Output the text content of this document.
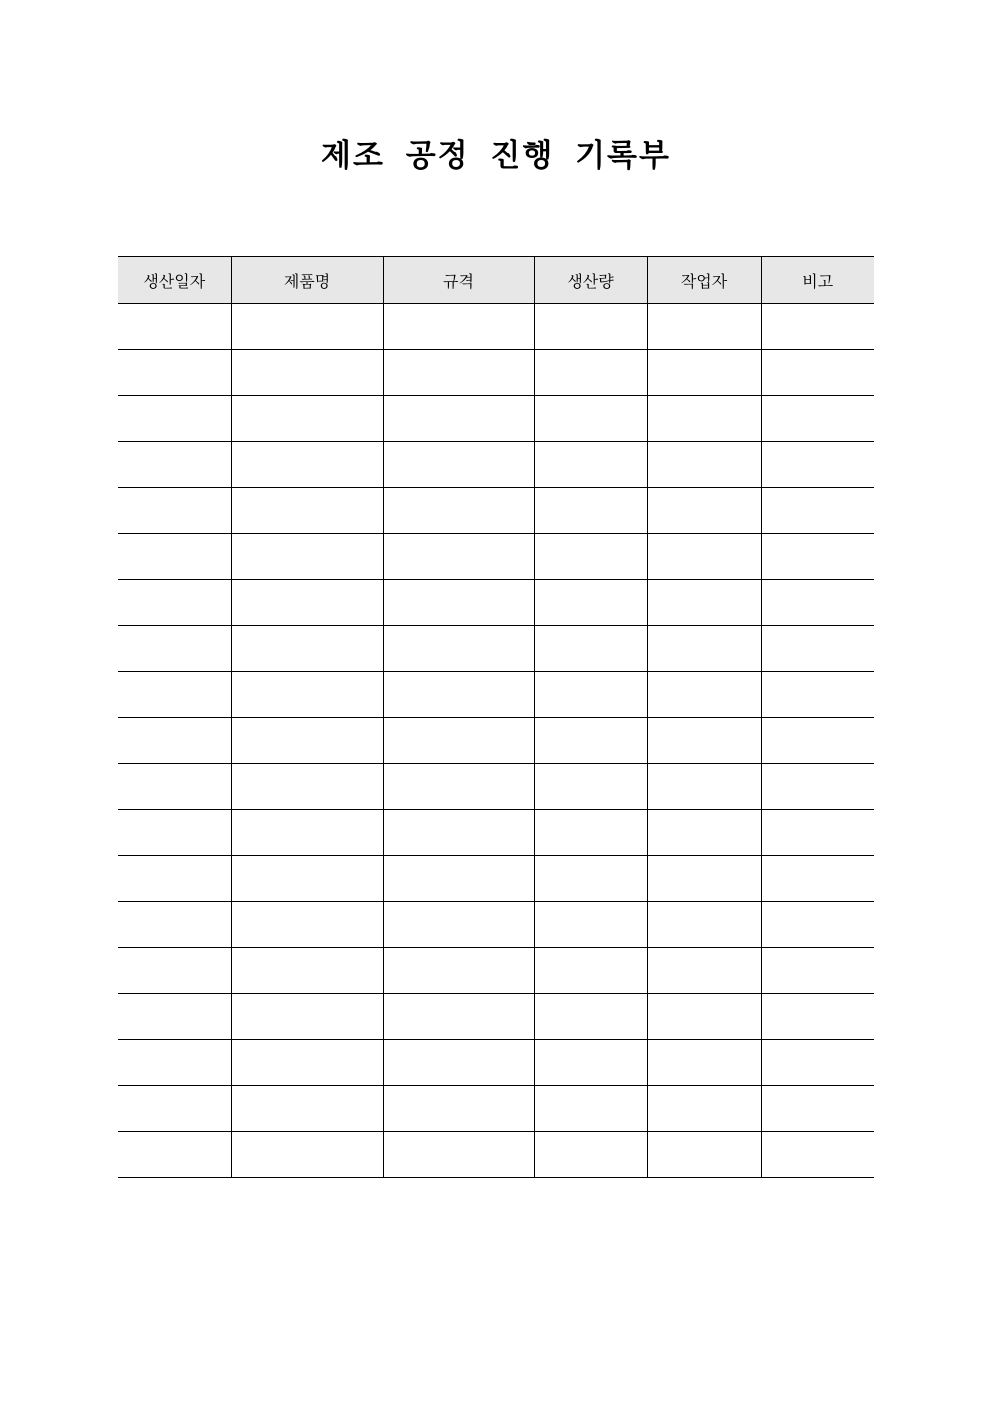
제조 공정 진행 기록부
생산일자	제품명	규격	생산량	작업자	비고
